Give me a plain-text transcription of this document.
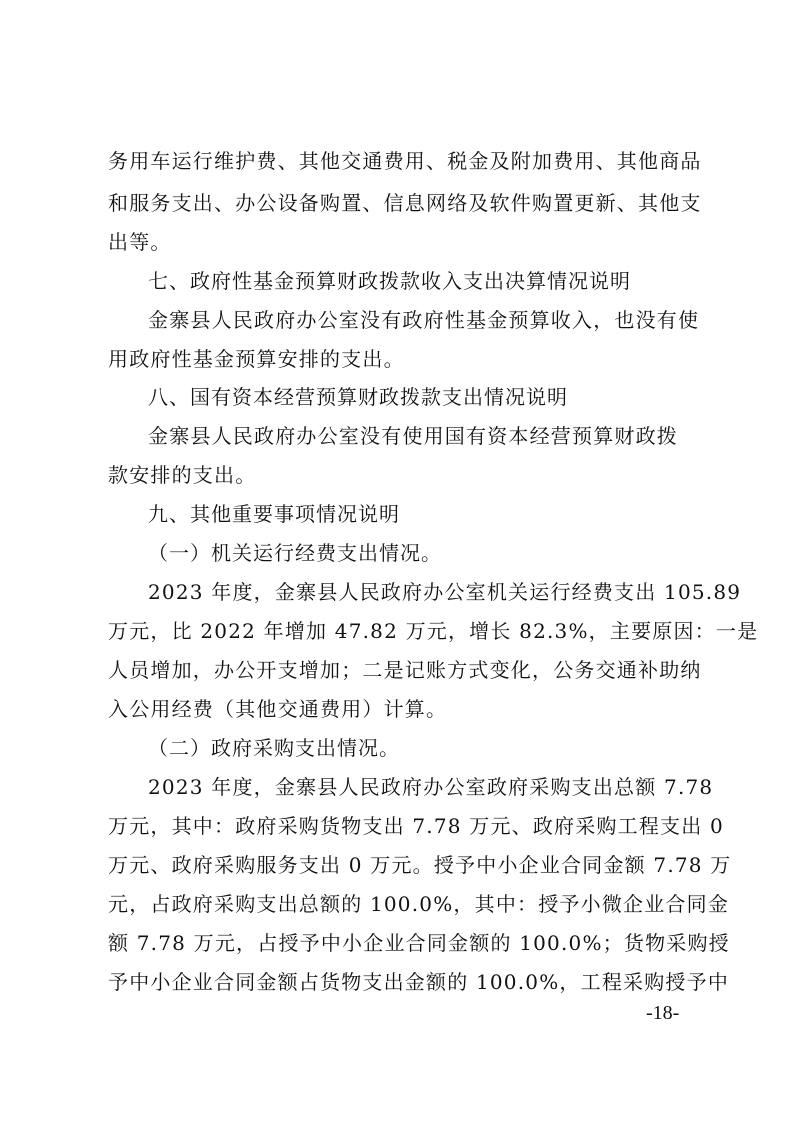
务用车运行维护费、其他交通费用、税金及附加费用、其他商品
和服务支出、办公设备购置、信息网络及软件购置更新、其他支
出等。
七、政府性基金预算财政拨款收入支出决算情况说明
金寨县人民政府办公室没有政府性基金预算收入，也没有使
用政府性基金预算安排的支出。
八、国有资本经营预算财政拨款支出情况说明
金寨县人民政府办公室没有使用国有资本经营预算财政拨
款安排的支出。
九、其他重要事项情况说明
（一）机关运行经费支出情况。
2023 年度，金寨县人民政府办公室机关运行经费支出 105.89
万元，比 2022 年增加 47.82 万元，增长 82.3%，主要原因：一是
人员增加，办公开支增加；二是记账方式变化，公务交通补助纳
入公用经费（其他交通费用）计算。
（二）政府采购支出情况。
2023 年度，金寨县人民政府办公室政府采购支出总额 7.78
万元，其中：政府采购货物支出 7.78 万元、政府采购工程支出 0
万元、政府采购服务支出 0 万元。授予中小企业合同金额 7.78 万
元，占政府采购支出总额的 100.0%，其中：授予小微企业合同金
额 7.78 万元，占授予中小企业合同金额的 100.0%；货物采购授
予中小企业合同金额占货物支出金额的 100.0%，工程采购授予中
-18-
